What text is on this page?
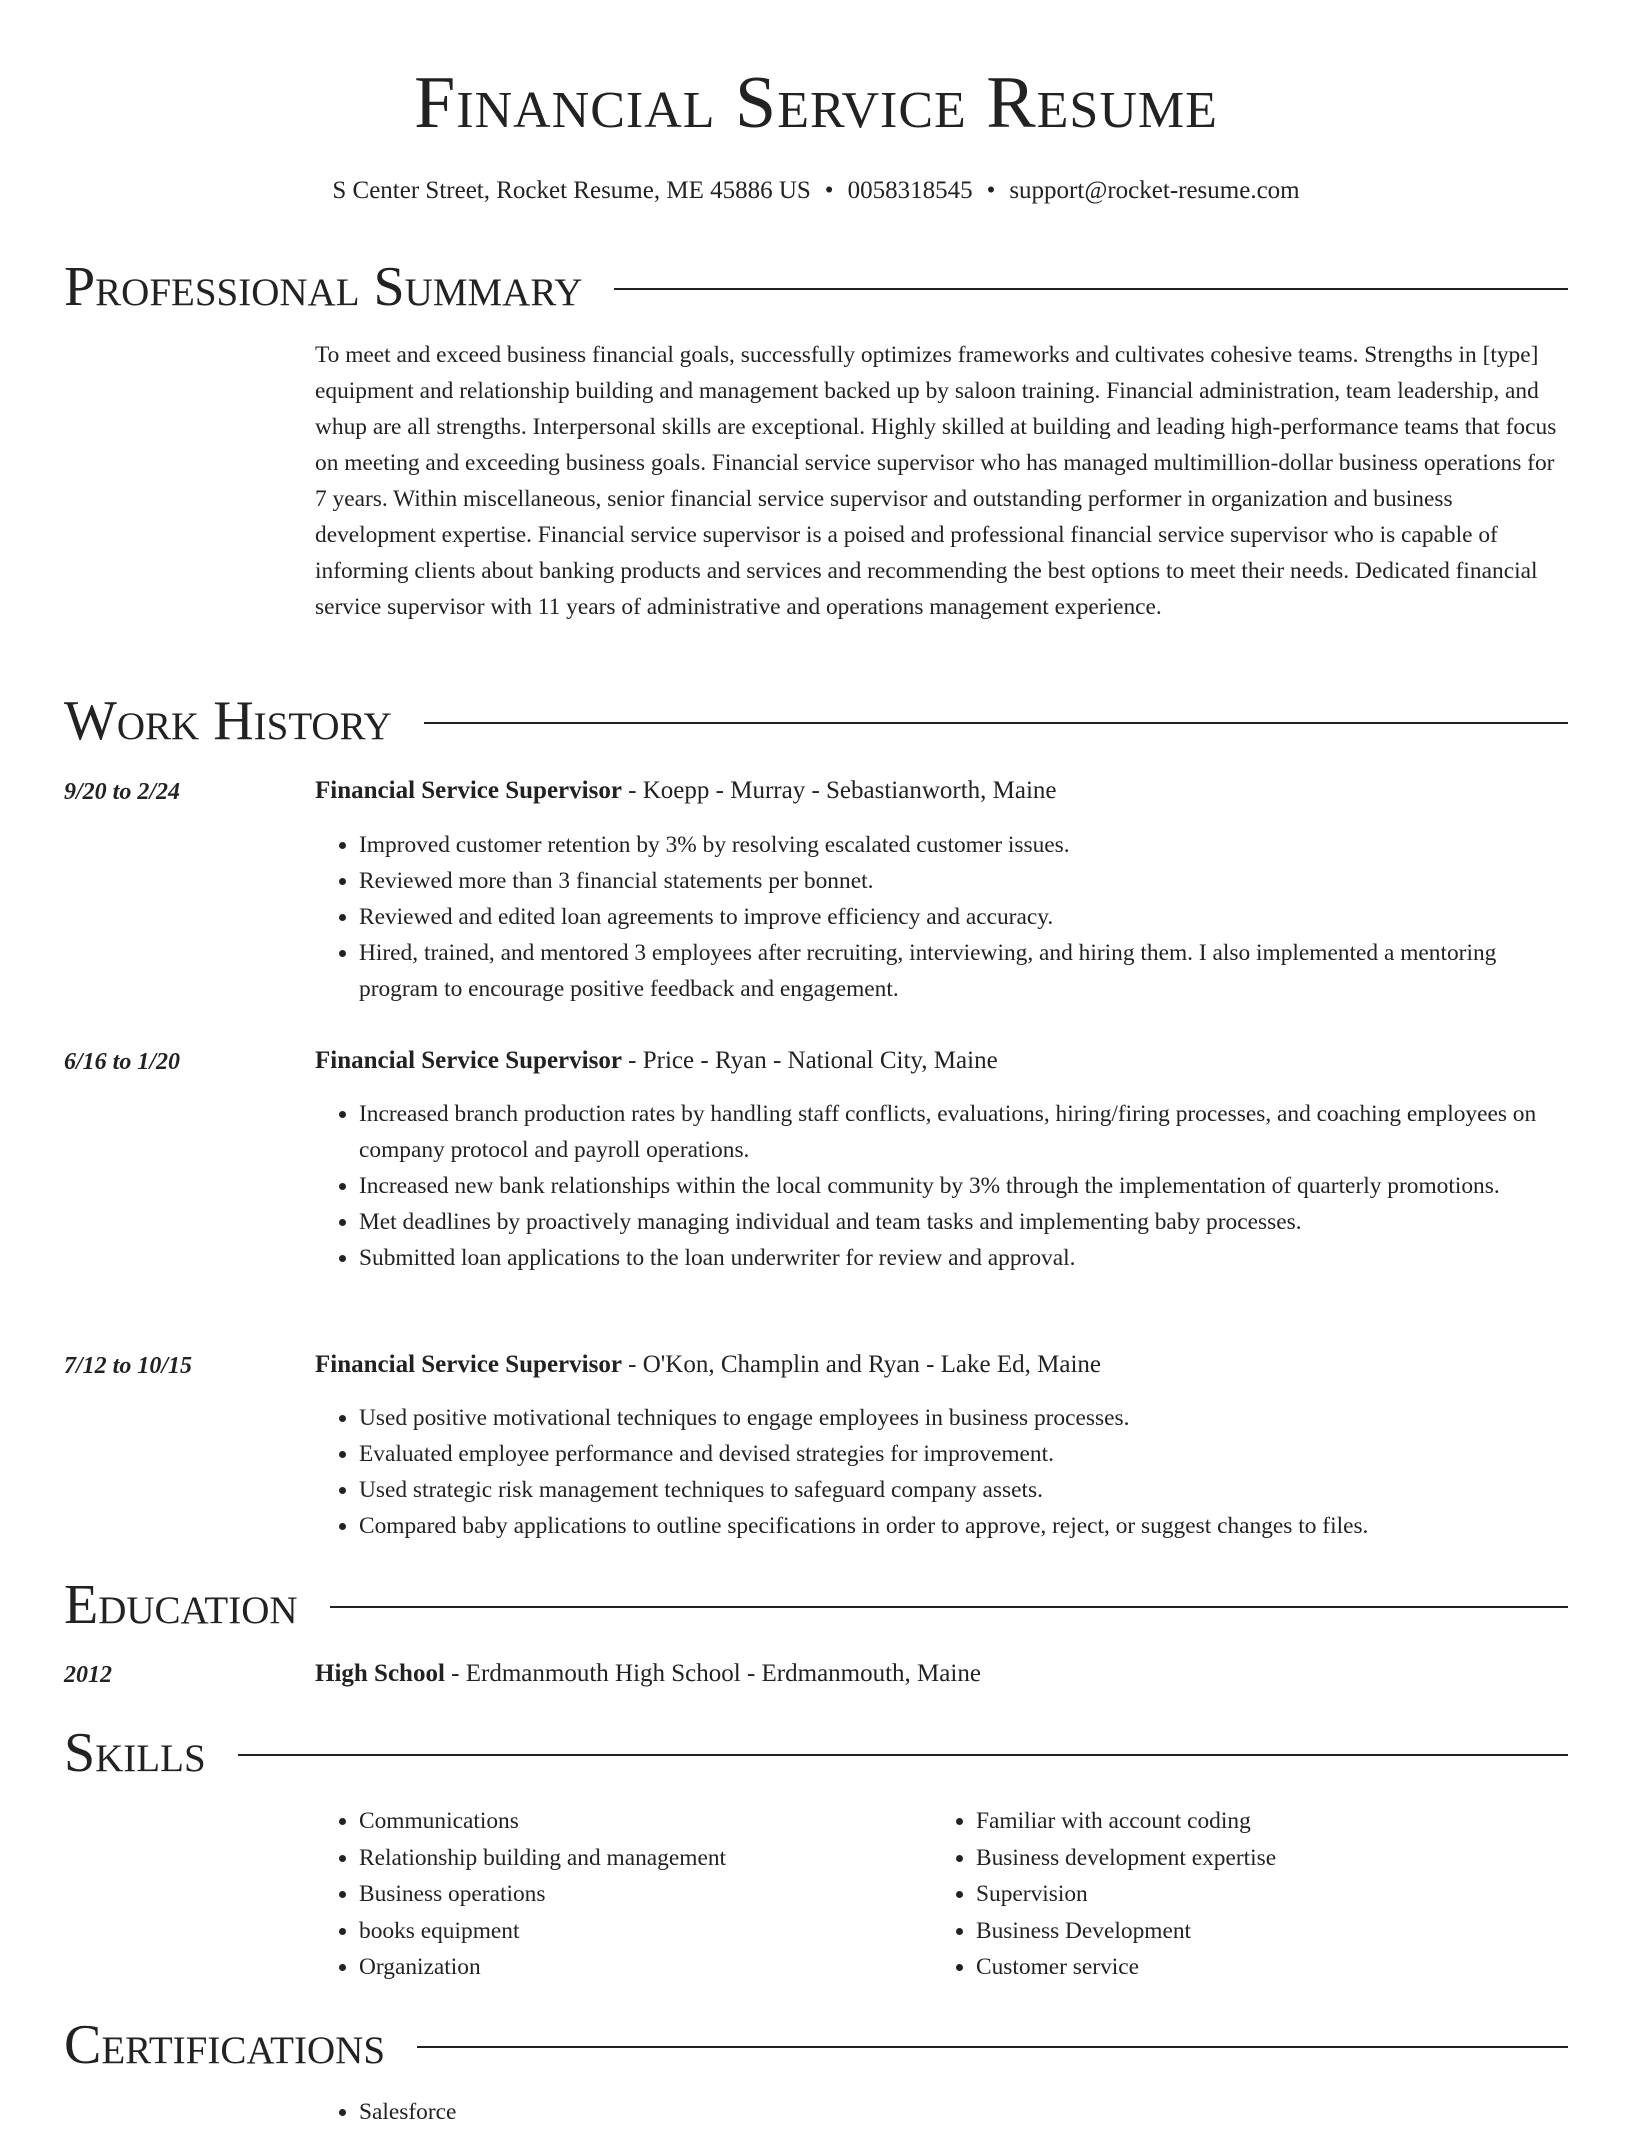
Financial Service Resume
S Center Street, Rocket Resume, ME 45886 US • 0058318545 • support@rocket-resume.com
Professional Summary

To meet and exceed business financial goals, successfully optimizes frameworks and cultivates cohesive teams. Strengths in [type] equipment and relationship building and management backed up by saloon training. Financial administration, team leadership, and whup are all strengths. Interpersonal skills are exceptional. Highly skilled at building and leading high-performance teams that focus on meeting and exceeding business goals. Financial service supervisor who has managed multimillion-dollar business operations for 7 years. Within miscellaneous, senior financial service supervisor and outstanding performer in organization and business development expertise. Financial service supervisor is a poised and professional financial service supervisor who is capable of informing clients about banking products and services and recommending the best options to meet their needs. Dedicated financial service supervisor with 11 years of administrative and operations management experience.

Work History
9/20 to 2/24	Financial Service Supervisor - Koepp - Murray - Sebastianworth, Maine
• Improved customer retention by 3% by resolving escalated customer issues.
• Reviewed more than 3 financial statements per bonnet.
• Reviewed and edited loan agreements to improve efficiency and accuracy.
• Hired, trained, and mentored 3 employees after recruiting, interviewing, and hiring them. I also implemented a mentoring program to encourage positive feedback and engagement.
6/16 to 1/20	Financial Service Supervisor - Price - Ryan - National City, Maine
• Increased branch production rates by handling staff conflicts, evaluations, hiring/firing processes, and coaching employees on company protocol and payroll operations.
• Increased new bank relationships within the local community by 3% through the implementation of quarterly promotions.
• Met deadlines by proactively managing individual and team tasks and implementing baby processes.
• Submitted loan applications to the loan underwriter for review and approval.
7/12 to 10/15	Financial Service Supervisor - O'Kon, Champlin and Ryan - Lake Ed, Maine
• Used positive motivational techniques to engage employees in business processes.
• Evaluated employee performance and devised strategies for improvement.
• Used strategic risk management techniques to safeguard company assets.
• Compared baby applications to outline specifications in order to approve, reject, or suggest changes to files.
Education
2012	High School - Erdmanmouth High School - Erdmanmouth, Maine
Skills
• Communications
• Relationship building and management
• Business operations
• books equipment
• Organization
• Familiar with account coding
• Business development expertise
• Supervision
• Business Development
• Customer service
Certifications
• Salesforce
